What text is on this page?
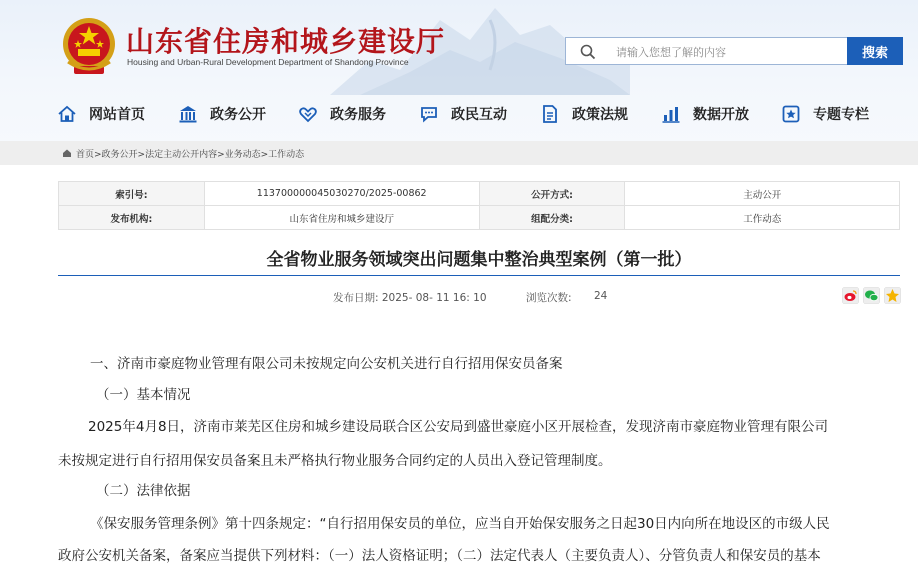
山东省住房和城乡建设厅
Housing and Urban-Rural Development Department of Shandong Province
请输入您想了解的内容
搜索
网站首页	政务公开	政务服务	政民互动	政策法规	数据开放	专题专栏
首页>政务公开>法定主动公开内容>业务动态>工作动态
索引号:	113700000045030270/2025-00862	公开方式:	主动公开
发布机构:	山东省住房和城乡建设厅	组配分类:	工作动态
全省物业服务领域突出问题集中整治典型案例（第一批）
发布日期: 2025- 08- 11 16: 10	浏览次数: 24
一、济南市豪庭物业管理有限公司未按规定向公安机关进行自行招用保安员备案
（一）基本情况
2025年4月8日，济南市莱芜区住房和城乡建设局联合区公安局到盛世豪庭小区开展检查，发现济南市豪庭物业管理有限公司
未按规定进行自行招用保安员备案且未严格执行物业服务合同约定的人员出入登记管理制度。
（二）法律依据
《保安服务管理条例》第十四条规定：“自行招用保安员的单位，应当自开始保安服务之日起30日内向所在地设区的市级人民
政府公安机关备案，备案应当提供下列材料：（一）法人资格证明；（二）法定代表人（主要负责人）、分管负责人和保安员的基本
